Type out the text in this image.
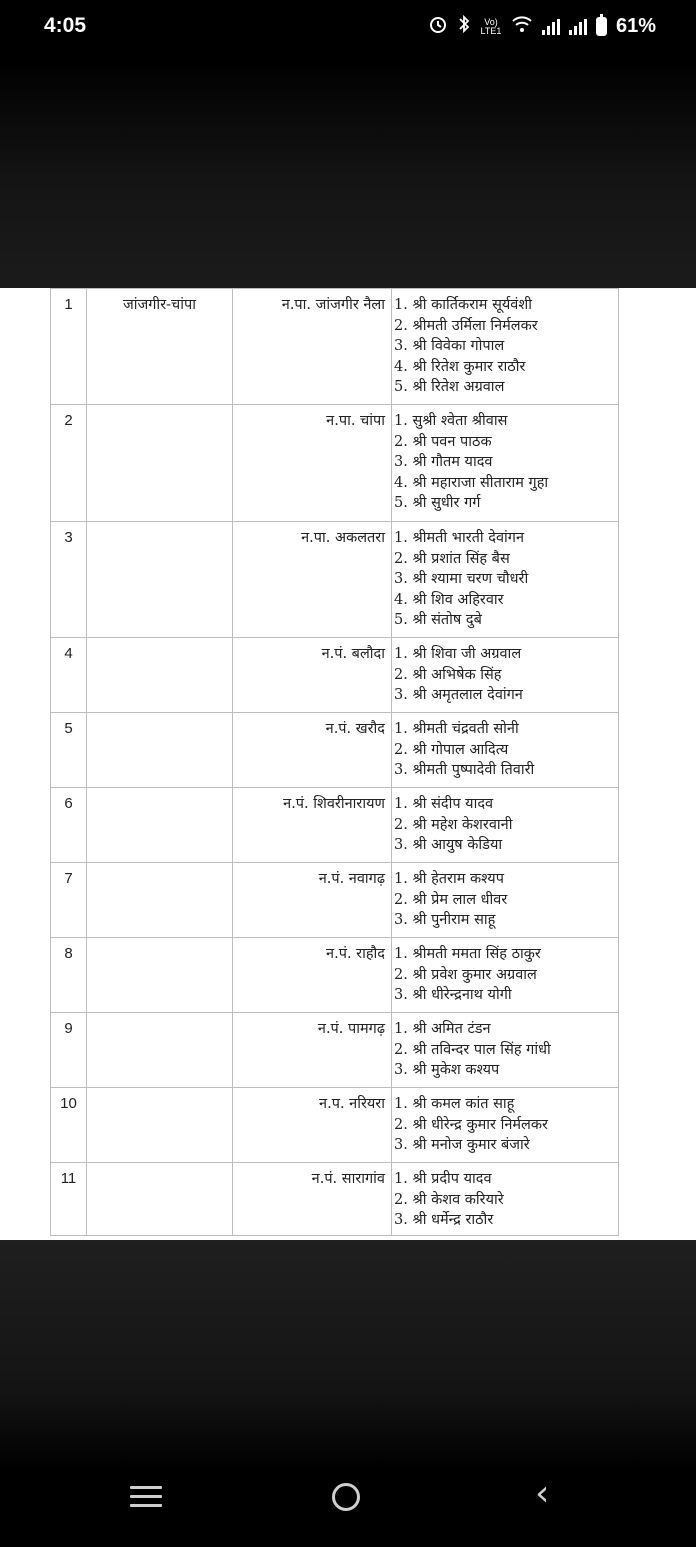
4:05	Vo) LTE1	61%
1	जांजगीर-चांपा	न.पा. जांजगीर नैला	1. श्री कार्तिकराम सूर्यवंशी
2. श्रीमती उर्मिला निर्मलकर
3. श्री विवेका गोपाल
4. श्री रितेश कुमार राठौर
5. श्री रितेश अग्रवाल

2		न.पा. चांपा	1. सुश्री श्वेता श्रीवास
2. श्री पवन पाठक
3. श्री गौतम यादव
4. श्री महाराजा सीताराम गुहा
5. श्री सुधीर गर्ग

3		न.पा. अकलतरा	1. श्रीमती भारती देवांगन
2. श्री प्रशांत सिंह बैस
3. श्री श्यामा चरण चौधरी
4. श्री शिव अहिरवार
5. श्री संतोष दुबे

4		न.पं. बलौदा	1. श्री शिवा जी अग्रवाल
2. श्री अभिषेक सिंह
3. श्री अमृतलाल देवांगन

5		न.पं. खरौद	1. श्रीमती चंद्रवती सोनी
2. श्री गोपाल आदित्य
3. श्रीमती पुष्पादेवी तिवारी

6		न.पं. शिवरीनारायण	1. श्री संदीप यादव
2. श्री महेश केशरवानी
3. श्री आयुष केडिया

7		न.पं. नवागढ़	1. श्री हेतराम कश्यप
2. श्री प्रेम लाल धीवर
3. श्री पुनीराम साहू

8		न.पं. राहौद	1. श्रीमती ममता सिंह ठाकुर
2. श्री प्रवेश कुमार अग्रवाल
3. श्री धीरेन्द्रनाथ योगी

9		न.पं. पामगढ़	1. श्री अमित टंडन
2. श्री तविन्दर पाल सिंह गांधी
3. श्री मुकेश कश्यप

10		न.प. नरियरा	1. श्री कमल कांत साहू
2. श्री धीरेन्द्र कुमार निर्मलकर
3. श्री मनोज कुमार बंजारे

11		न.पं. सारागांव	1. श्री प्रदीप यादव
2. श्री केशव करियारे
3. श्री धर्मेन्द्र राठौर
‹
